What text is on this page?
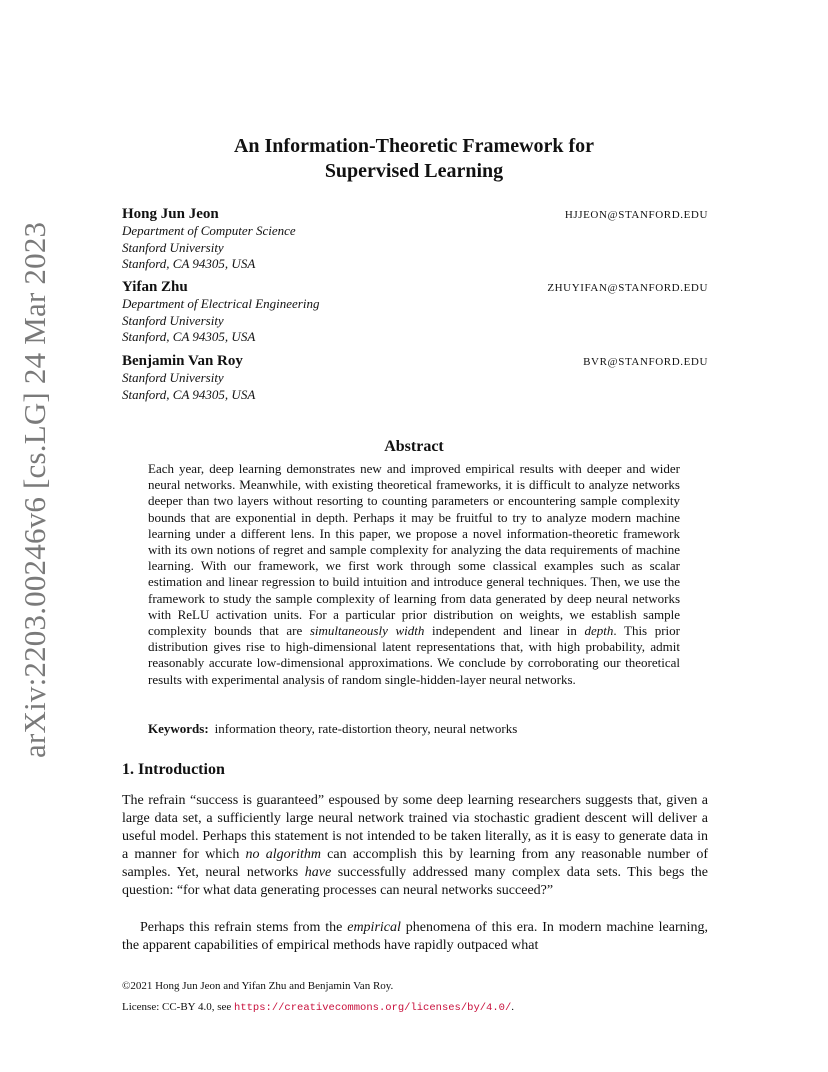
arXiv:2203.00246v6 [cs.LG] 24 Mar 2023
An Information-Theoretic Framework for
Supervised Learning
Hong Jun Jeon	HJJEON@STANFORD.EDU
Department of Computer Science
Stanford University
Stanford, CA 94305, USA
Yifan Zhu	ZHUYIFAN@STANFORD.EDU
Department of Electrical Engineering
Stanford University
Stanford, CA 94305, USA
Benjamin Van Roy	BVR@STANFORD.EDU
Stanford University
Stanford, CA 94305, USA
Abstract
Each year, deep learning demonstrates new and improved empirical results with deeper and wider neural networks. Meanwhile, with existing theoretical frameworks, it is difficult to analyze networks deeper than two layers without resorting to counting parameters or encountering sample complexity bounds that are exponential in depth. Perhaps it may be fruitful to try to analyze modern machine learning under a different lens. In this paper, we propose a novel information-theoretic framework with its own notions of regret and sample complexity for analyzing the data requirements of machine learning. With our framework, we first work through some classical examples such as scalar estimation and linear regression to build intuition and introduce general techniques. Then, we use the framework to study the sample complexity of learning from data generated by deep neural networks with ReLU activation units. For a particular prior distribution on weights, we establish sample complexity bounds that are simultaneously width independent and linear in depth. This prior distribution gives rise to high-dimensional latent representations that, with high probability, admit reasonably accurate low-dimensional approximations. We conclude by corroborating our theoretical results with experimental analysis of random single-hidden-layer neural networks.
Keywords: information theory, rate-distortion theory, neural networks
1. Introduction

The refrain “success is guaranteed” espoused by some deep learning researchers suggests that, given a large data set, a sufficiently large neural network trained via stochastic gradient descent will deliver a useful model. Perhaps this statement is not intended to be taken literally, as it is easy to generate data in a manner for which no algorithm can accomplish this by learning from any reasonable number of samples. Yet, neural networks have successfully addressed many complex data sets. This begs the question: “for what data generating processes can neural networks succeed?”

Perhaps this refrain stems from the empirical phenomena of this era. In modern machine learning, the apparent capabilities of empirical methods have rapidly outpaced what

©2021 Hong Jun Jeon and Yifan Zhu and Benjamin Van Roy.
License: CC-BY 4.0, see https://creativecommons.org/licenses/by/4.0/.
